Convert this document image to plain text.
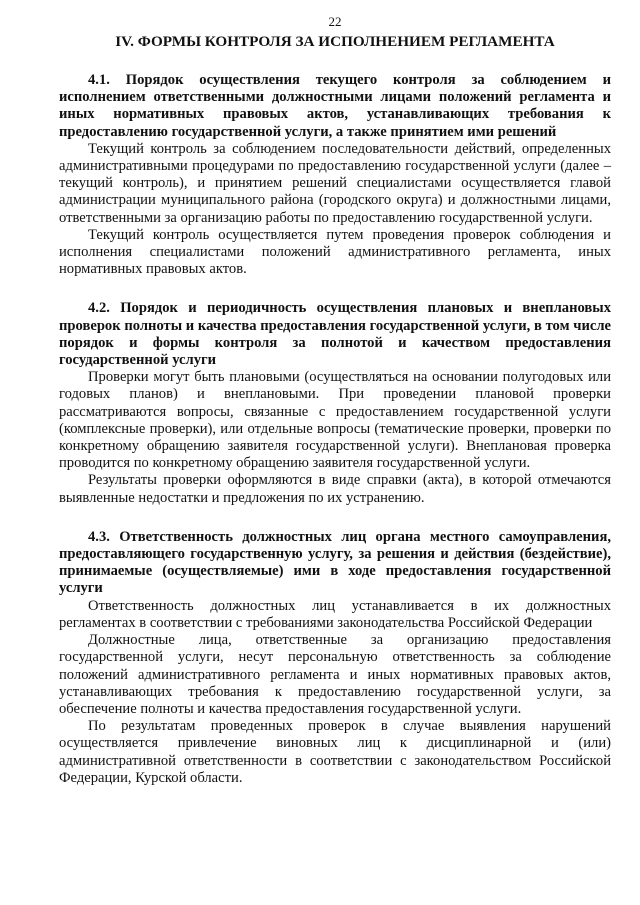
22
IV. ФОРМЫ КОНТРОЛЯ ЗА ИСПОЛНЕНИЕМ РЕГЛАМЕНТА

4.1. Порядок осуществления текущего контроля за соблюдением и исполнением ответственными должностными лицами положений регламента и иных нормативных правовых актов, устанавливающих требования к предоставлению государственной услуги, а также принятием ими решений

Текущий контроль за соблюдением последовательности действий, определенных административными процедурами по предоставлению государственной услуги (далее – текущий контроль), и принятием решений специалистами осуществляется главой администрации муниципального района (городского округа) и должностными лицами, ответственными за организацию работы по предоставлению государственной услуги.

Текущий контроль осуществляется путем проведения проверок соблюдения и исполнения специалистами положений административного регламента, иных нормативных правовых актов.

4.2. Порядок и периодичность осуществления плановых и внеплановых проверок полноты и качества предоставления государственной услуги, в том числе порядок и формы контроля за полнотой и качеством предоставления государственной услуги

Проверки могут быть плановыми (осуществляться на основании полугодовых или годовых планов) и внеплановыми. При проведении плановой проверки рассматриваются вопросы, связанные с предоставлением государственной услуги (комплексные проверки), или отдельные вопросы (тематические проверки, проверки по конкретному обращению заявителя государственной услуги). Внеплановая проверка проводится по конкретному обращению заявителя государственной услуги.

Результаты проверки оформляются в виде справки (акта), в которой отмечаются выявленные недостатки и предложения по их устранению.

4.3. Ответственность должностных лиц органа местного самоуправления, предоставляющего государственную услугу, за решения и действия (бездействие), принимаемые (осуществляемые) ими в ходе предоставления государственной услуги

Ответственность должностных лиц устанавливается в их должностных регламентах в соответствии с требованиями законодательства Российской Федерации

Должностные лица, ответственные за организацию предоставления государственной услуги, несут персональную ответственность за соблюдение положений административного регламента и иных нормативных правовых актов, устанавливающих требования к предоставлению государственной услуги, за обеспечение полноты и качества предоставления государственной услуги.

По результатам проведенных проверок в случае выявления нарушений осуществляется привлечение виновных лиц к дисциплинарной и (или) административной ответственности в соответствии с законодательством Российской Федерации, Курской области.
